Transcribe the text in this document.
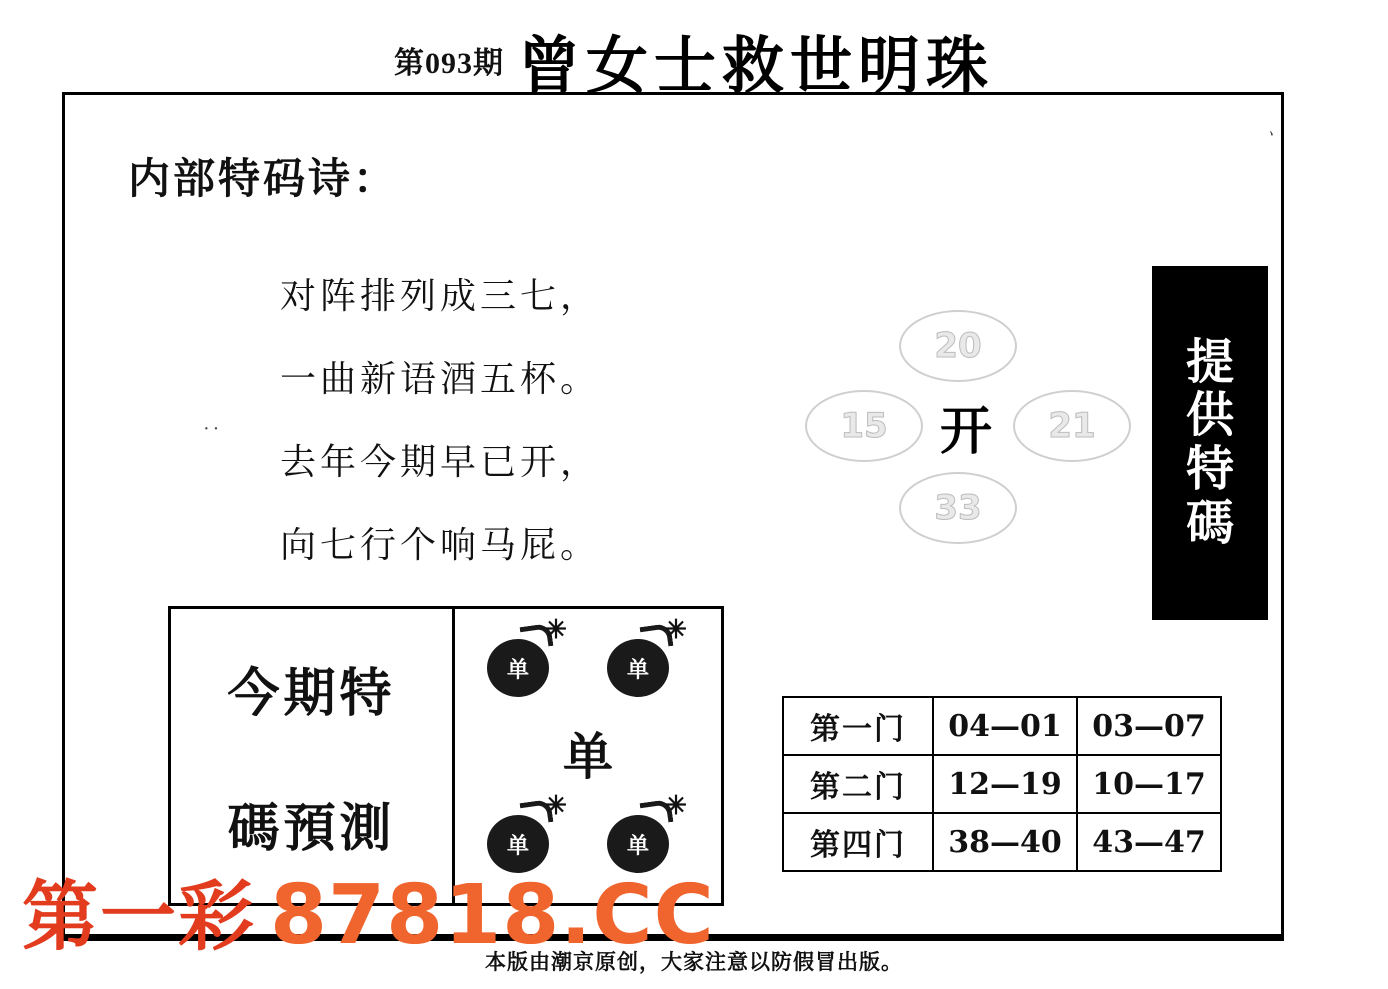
第093期 曾女士救世明珠
、
内部特码诗：
对阵排列成三七，
一曲新语酒五杯。
去年今期早已开，
向七行个响马屁。
··
20
15	21
33
开
提
供
特
碼
今期特
碼預測
✳
单
✳
单
单
✳
单
✳
单
第一门	04—01	03—07
第二门	12—19	10—17
第四门	38—40	43—47
本版由潮京原创，大家注意以防假冒出版。
第一彩 87818.CC
